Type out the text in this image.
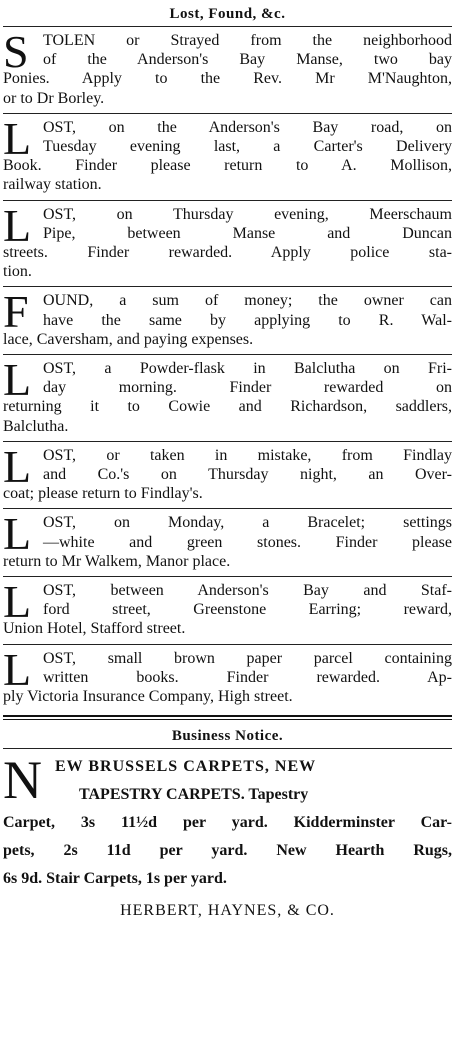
Lost, Found, &c.
S TOLEN or Strayed from the neighborhood
of the Anderson's Bay Manse, two bay
Ponies. Apply to the Rev. Mr M'Naughton,
or to Dr Borley.
L OST, on the Anderson's Bay road, on
Tuesday evening last, a Carter's Delivery
Book. Finder please return to A. Mollison,
railway station.
L OST, on Thursday evening, Meerschaum
Pipe, between Manse and Duncan
streets. Finder rewarded. Apply police sta-
tion.
F OUND, a sum of money; the owner can
have the same by applying to R. Wal-
lace, Caversham, and paying expenses.
L OST, a Powder-flask in Balclutha on Fri-
day morning. Finder rewarded on
returning it to Cowie and Richardson, saddlers,
Balclutha.
L OST, or taken in mistake, from Findlay
and Co.'s on Thursday night, an Over-
coat; please return to Findlay's.
L OST, on Monday, a Bracelet; settings
—white and green stones. Finder please
return to Mr Walkem, Manor place.
L OST, between Anderson's Bay and Staf-
ford street, Greenstone Earring; reward,
Union Hotel, Stafford street.
L OST, small brown paper parcel containing
written books. Finder rewarded. Ap-
ply Victoria Insurance Company, High street.
Business Notice.
N EW BRUSSELS CARPETS, NEW
TAPESTRY CARPETS. Tapestry
Carpet, 3s 11½d per yard. Kidderminster Car-
pets, 2s 11d per yard. New Hearth Rugs,
6s 9d. Stair Carpets, 1s per yard.
HERBERT, HAYNES, & CO.
